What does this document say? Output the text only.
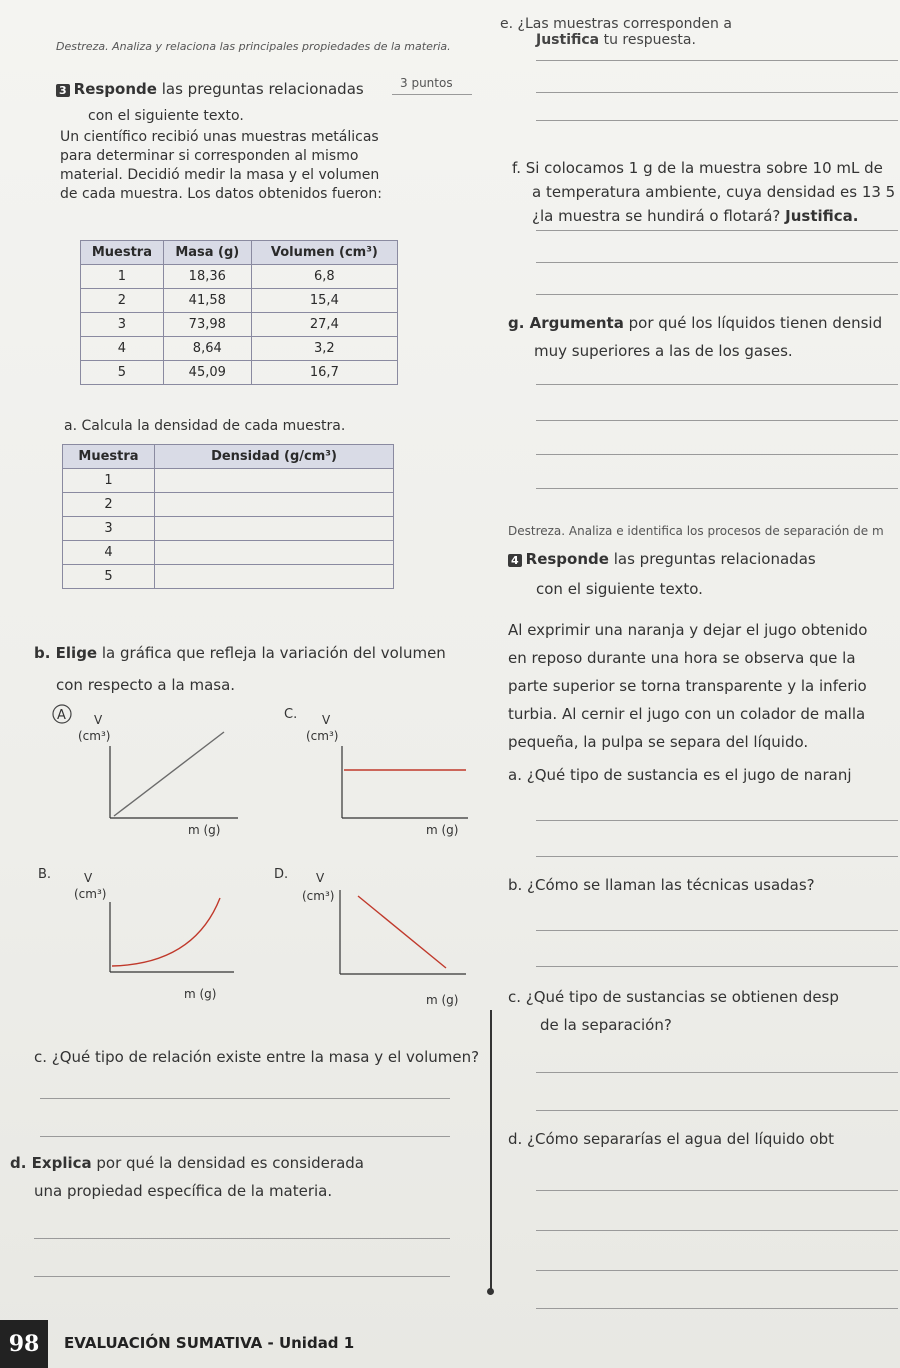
Destreza. Analiza y relaciona las principales propiedades de la materia.
3 Responde las preguntas relacionadas	3 puntos
con el siguiente texto.
Un científico recibió unas muestras metálicas
para determinar si corresponden al mismo
material. Decidió medir la masa y el volumen
de cada muestra. Los datos obtenidos fueron:
Muestra	Masa (g)	Volumen (cm³)
1	18,36	6,8
2	41,58	15,4
3	73,98	27,4
4	8,64	3,2
5	45,09	16,7
a. Calcula la densidad de cada muestra.
Muestra	Densidad (g/cm³)
1	
2	
3	
4	
5	
b. Elige la gráfica que refleja la variación del volumen
con respecto a la masa.
A V
(cm³)
m (g)
C. V
(cm³)
m (g)
B.	V
(cm³)
m (g)
D. V
(cm³)
m (g)
c. ¿Qué tipo de relación existe entre la masa y el volumen?
d. Explica por qué la densidad es considerada
una propiedad específica de la materia.
e. ¿Las muestras corresponden a
Justifica tu respuesta.
f. Si colocamos 1 g de la muestra sobre 10 mL de
a temperatura ambiente, cuya densidad es 13 5
¿la muestra se hundirá o flotará? Justifica.
g. Argumenta por qué los líquidos tienen densid
muy superiores a las de los gases.
Destreza. Analiza e identifica los procesos de separación de m
4 Responde las preguntas relacionadas
con el siguiente texto.
Al exprimir una naranja y dejar el jugo obtenido
en reposo durante una hora se observa que la
parte superior se torna transparente y la inferio
turbia. Al cernir el jugo con un colador de malla
pequeña, la pulpa se separa del líquido.
a. ¿Qué tipo de sustancia es el jugo de naranj
b. ¿Cómo se llaman las técnicas usadas?
c. ¿Qué tipo de sustancias se obtienen desp
de la separación?
d. ¿Cómo separarías el agua del líquido obt
98	EVALUACIÓN SUMATIVA - Unidad 1
